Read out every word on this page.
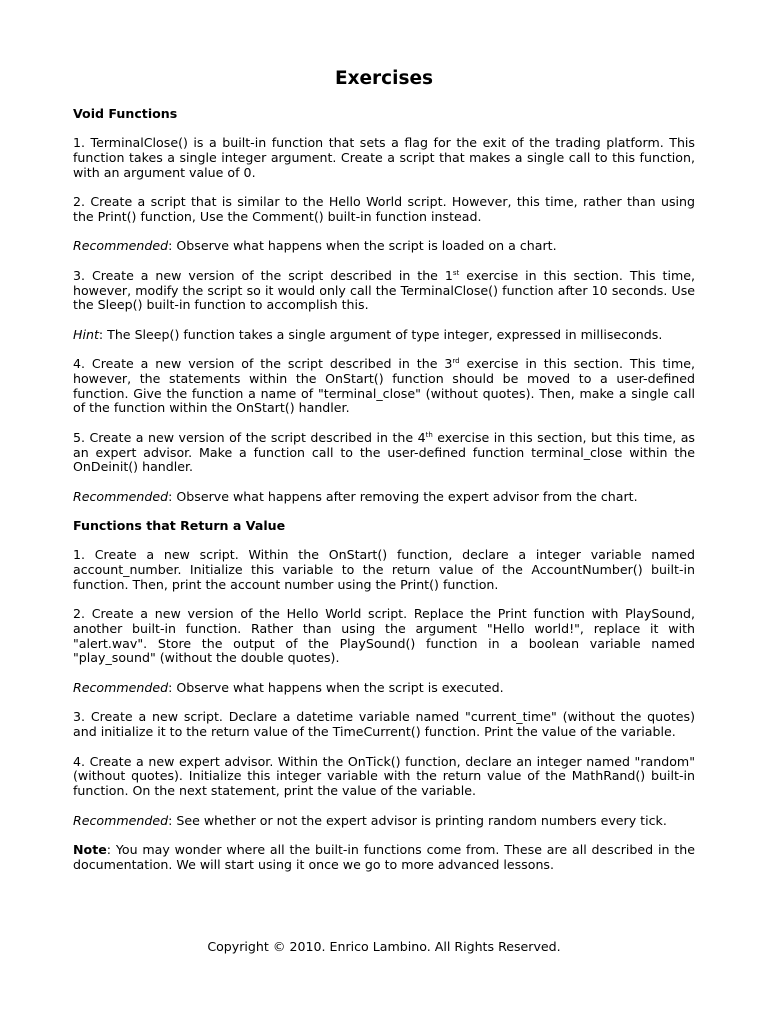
Exercises
Void Functions

1. TerminalClose() is a built-in function that sets a flag for the exit of the trading platform. This function takes a single integer argument. Create a script that makes a single call to this function, with an argument value of 0.

2. Create a script that is similar to the Hello World script. However, this time, rather than using the Print() function, Use the Comment() built-in function instead.

Recommended: Observe what happens when the script is loaded on a chart.

3. Create a new version of the script described in the 1st exercise in this section. This time, however, modify the script so it would only call the TerminalClose() function after 10 seconds. Use the Sleep() built-in function to accomplish this.

Hint: The Sleep() function takes a single argument of type integer, expressed in milliseconds.

4. Create a new version of the script described in the 3rd exercise in this section. This time, however, the statements within the OnStart() function should be moved to a user-defined function. Give the function a name of "terminal_close" (without quotes). Then, make a single call of the function within the OnStart() handler.

5. Create a new version of the script described in the 4th exercise in this section, but this time, as an expert advisor. Make a function call to the user-defined function terminal_close within the OnDeinit() handler.

Recommended: Observe what happens after removing the expert advisor from the chart.

Functions that Return a Value

1. Create a new script. Within the OnStart() function, declare a integer variable named account_number. Initialize this variable to the return value of the AccountNumber() built-in function. Then, print the account number using the Print() function.

2. Create a new version of the Hello World script. Replace the Print function with PlaySound, another built-in function. Rather than using the argument "Hello world!", replace it with "alert.wav". Store the output of the PlaySound() function in a boolean variable named "play_sound" (without the double quotes).

Recommended: Observe what happens when the script is executed.

3. Create a new script. Declare a datetime variable named "current_time" (without the quotes) and initialize it to the return value of the TimeCurrent() function. Print the value of the variable.

4. Create a new expert advisor. Within the OnTick() function, declare an integer named "random" (without quotes). Initialize this integer variable with the return value of the MathRand() built-in function. On the next statement, print the value of the variable.

Recommended: See whether or not the expert advisor is printing random numbers every tick.

Note: You may wonder where all the built-in functions come from. These are all described in the documentation. We will start using it once we go to more advanced lessons.

Copyright © 2010. Enrico Lambino. All Rights Reserved.
